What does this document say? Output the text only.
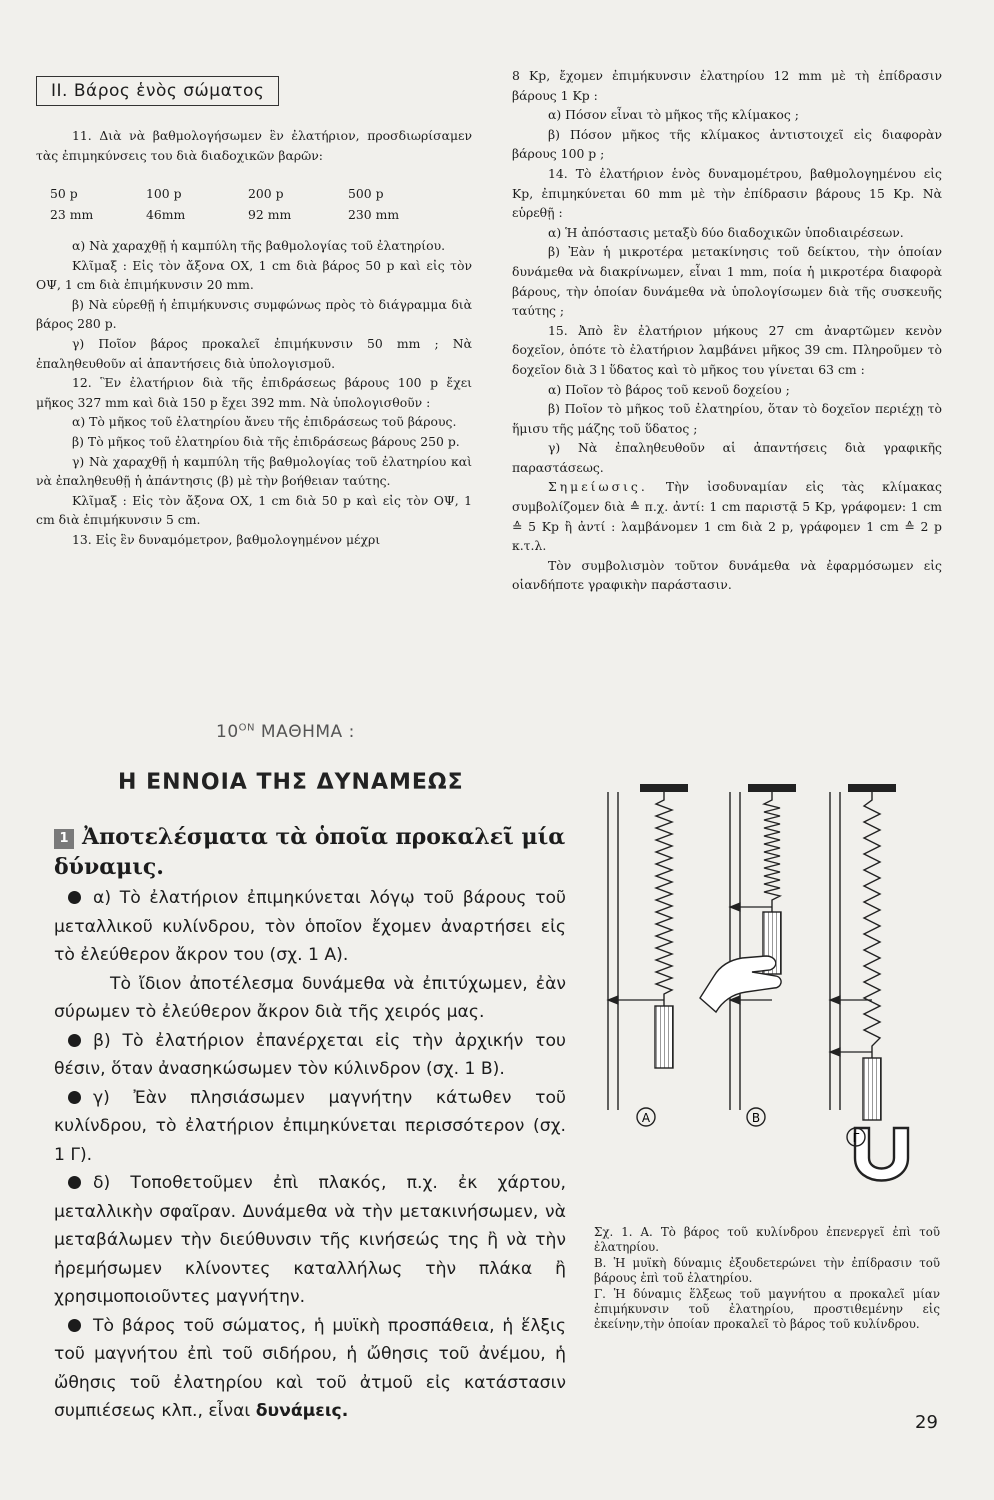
ΙΙ. Βάρος ἑνὸς σώματος

11. Διὰ νὰ βαθμολογήσωμεν ἓν ἐλατήριον, προσδιωρίσαμεν τὰς ἐπιμηκύνσεις του διὰ διαδοχικῶν βαρῶν:

50 p	100 p	200 p	500 p
23 mm	46mm	92 mm	230 mm

α) Νὰ χαραχθῇ ἡ καμπύλη τῆς βαθμολογίας τοῦ ἐλατηρίου.

Κλῖμαξ : Εἰς τὸν ἄξονα ΟΧ, 1 cm διὰ βάρος 50 p καὶ εἰς τὸν ΟΨ, 1 cm διὰ ἐπιμήκυνσιν 20 mm.

β) Νὰ εὑρεθῇ ἡ ἐπιμήκυνσις συμφώνως πρὸς τὸ διάγραμμα διὰ βάρος 280 p.

γ) Ποῖον βάρος προκαλεῖ ἐπιμήκυνσιν 50 mm ; Νὰ ἐπαληθευθοῦν αἱ ἀπαντήσεις διὰ ὑπολογισμοῦ.

12. Ἓν ἐλατήριον διὰ τῆς ἐπιδράσεως βάρους 100 p ἔχει μῆκος 327 mm καὶ διὰ 150 p ἔχει 392 mm. Νὰ ὑπολογισθοῦν :

α) Τὸ μῆκος τοῦ ἐλατηρίου ἄνευ τῆς ἐπιδράσεως τοῦ βάρους.

β) Τὸ μῆκος τοῦ ἐλατηρίου διὰ τῆς ἐπιδράσεως βάρους 250 p.

γ) Νὰ χαραχθῇ ἡ καμπύλη τῆς βαθμολογίας τοῦ ἐλατηρίου καὶ νὰ ἐπαληθευθῇ ἡ ἀπάντησις (β) μὲ τὴν βοήθειαν ταύτης.

Κλῖμαξ : Εἰς τὸν ἄξονα ΟΧ, 1 cm διὰ 50 p καὶ εἰς τὸν ΟΨ, 1 cm διὰ ἐπιμήκυνσιν 5 cm.

13. Εἰς ἓν δυναμόμετρον, βαθμολογημένον μέχρι

8 Kp, ἔχομεν ἐπιμήκυνσιν ἐλατηρίου 12 mm μὲ τὴ ἐπίδρασιν βάρους 1 Kp :

α) Πόσον εἶναι τὸ μῆκος τῆς κλίμακος ;

β) Πόσον μῆκος τῆς κλίμακος ἀντιστοιχεῖ εἰς διαφορὰν βάρους 100 p ;

14. Τὸ ἐλατήριον ἑνὸς δυναμομέτρου, βαθμολογημένου εἰς Kp, ἐπιμηκύνεται 60 mm μὲ τὴν ἐπίδρασιν βάρους 15 Kp. Νὰ εὑρεθῇ :

α) Ἡ ἀπόστασις μεταξὺ δύο διαδοχικῶν ὑποδιαιρέσεων.

β) Ἐὰν ἡ μικροτέρα μετακίνησις τοῦ δείκτου, τὴν ὁποίαν δυνάμεθα νὰ διακρίνωμεν, εἶναι 1 mm, ποία ἡ μικροτέρα διαφορὰ βάρους, τὴν ὁποίαν δυνάμεθα νὰ ὑπολογίσωμεν διὰ τῆς συσκευῆς ταύτης ;

15. Ἀπὸ ἓν ἐλατήριον μήκους 27 cm ἀναρτῶμεν κενὸν δοχεῖον, ὁπότε τὸ ἐλατήριον λαμβάνει μῆκος 39 cm. Πληροῦμεν τὸ δοχεῖον διὰ 3 l ὕδατος καὶ τὸ μῆκος του γίνεται 63 cm :

α) Ποῖον τὸ βάρος τοῦ κενοῦ δοχείου ;

β) Ποῖον τὸ μῆκος τοῦ ἐλατηρίου, ὅταν τὸ δοχεῖον περιέχῃ τὸ ἥμισυ τῆς μάζης τοῦ ὕδατος ;

γ) Νὰ ἐπαληθευθοῦν αἱ ἀπαντήσεις διὰ γραφικῆς παραστάσεως.

Σημείωσις. Τὴν ἰσοδυναμίαν εἰς τὰς κλίμακας συμβολίζομεν διὰ ≙ π.χ. ἀντί: 1 cm παριστᾷ 5 Kp, γράφομεν: 1 cm ≙ 5 Kp ἢ ἀντί : λαμβάνομεν 1 cm διὰ 2 p, γράφομεν 1 cm ≙ 2 p κ.τ.λ.

Τὸν συμβολισμὸν τοῦτον δυνάμεθα νὰ ἐφαρμόσωμεν εἰς οἱανδήποτε γραφικὴν παράστασιν.

$10^{ON}$ ΜΑΘΗΜΑ :
Η ΕΝΝΟΙΑ ΤΗΣ ΔΥΝΑΜΕΩΣ
1 Ἀποτελέσματα τὰ ὁποῖα προκαλεῖ μία δύναμις.

α) Τὸ ἐλατήριον ἐπιμηκύνεται λόγῳ τοῦ βάρους τοῦ μεταλλικοῦ κυλίνδρου, τὸν ὁποῖον ἔχομεν ἀναρτήσει εἰς τὸ ἐλεύθερον ἄκρον του (σχ. 1 Α).

Τὸ ἴδιον ἀποτέλεσμα δυνάμεθα νὰ ἐπιτύχωμεν, ἐὰν σύρωμεν τὸ ἐλεύθερον ἄκρον διὰ τῆς χειρός μας.

β) Τὸ ἐλατήριον ἐπανέρχεται εἰς τὴν ἀρχικήν του θέσιν, ὅταν ἀνασηκώσωμεν τὸν κύλινδρον (σχ. 1 Β).

γ) Ἐὰν πλησιάσωμεν μαγνήτην κάτωθεν τοῦ κυλίνδρου, τὸ ἐλατήριον ἐπιμηκύνεται περισσότερον (σχ. 1 Γ).

δ) Τοποθετοῦμεν ἐπὶ πλακός, π.χ. ἐκ χάρτου, μεταλλικὴν σφαῖραν. Δυνάμεθα νὰ τὴν μετακινήσωμεν, νὰ μεταβάλωμεν τὴν διεύθυνσιν τῆς κινήσεώς της ἢ νὰ τὴν ἠρεμήσωμεν κλίνοντες καταλλήλως τὴν πλάκα ἢ χρησιμοποιοῦντες μαγνήτην.

Τὸ βάρος τοῦ σώματος, ἡ μυϊκὴ προσπάθεια, ἡ ἕλξις τοῦ μαγνήτου ἐπὶ τοῦ σιδήρου, ἡ ὤθησις τοῦ ἀνέμου, ἡ ὤθησις τοῦ ἐλατηρίου καὶ τοῦ ἀτμοῦ εἰς κατάστασιν συμπιέσεως κλπ., εἶναι δυνάμεις.

Α	Β
Γ

Σχ. 1. Α. Τὸ βάρος τοῦ κυλίνδρου ἐπενεργεῖ ἐπὶ τοῦ ἐλατηρίου.

Β. Ἡ μυϊκὴ δύναμις ἐξουδετερώνει τὴν ἐπίδρασιν τοῦ βάρους ἐπὶ τοῦ ἐλατηρίου.

Γ. Ἡ δύναμις ἕλξεως τοῦ μαγνήτου α προκαλεῖ μίαν ἐπιμήκυνσιν τοῦ ἐλατηρίου, προστιθεμένην εἰς ἐκείνην,τὴν ὁποίαν προκαλεῖ τὸ βάρος τοῦ κυλίνδρου.

29
